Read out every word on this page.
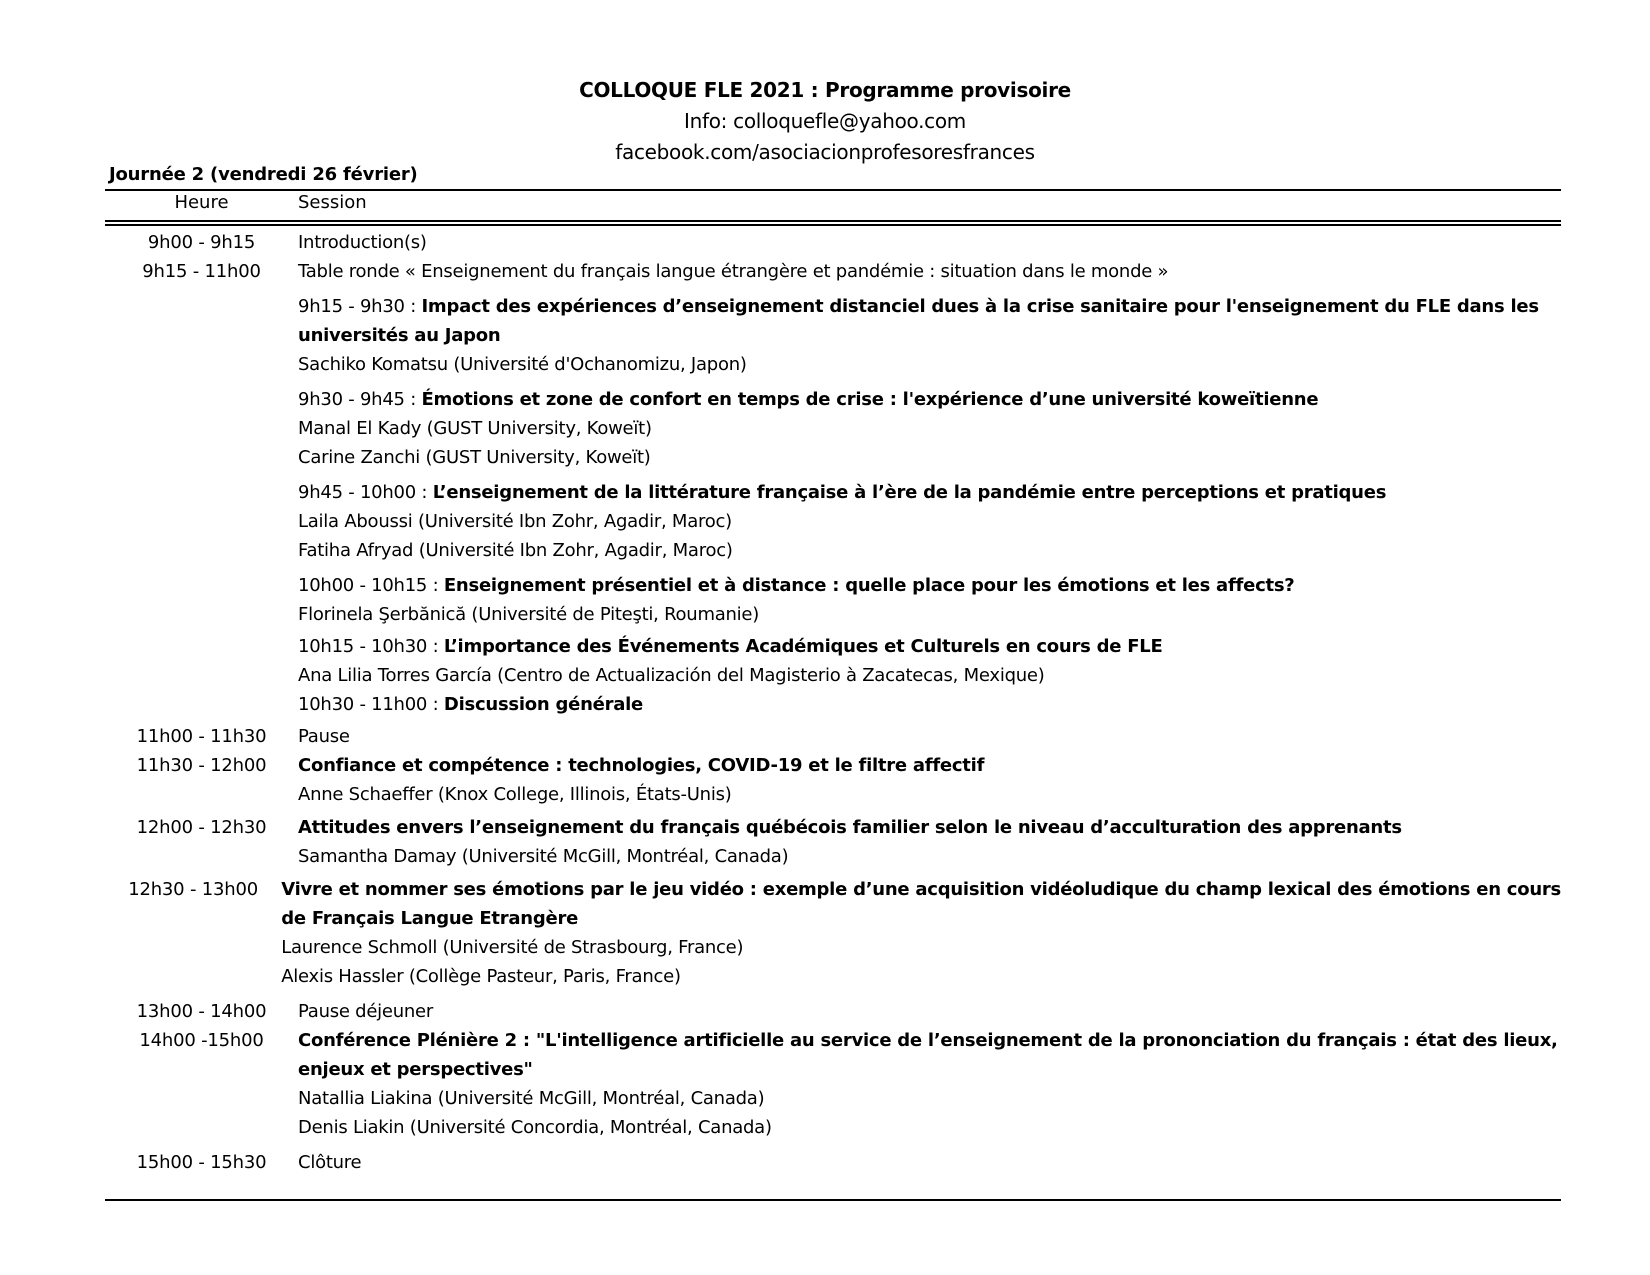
COLLOQUE FLE 2021 : Programme provisoire
Info: colloquefle@yahoo.com
facebook.com/asociacionprofesoresfrances
Journée 2 (vendredi 26 février)
Heure	Session
9h00 - 9h15	Introduction(s)
9h15 - 11h00	Table ronde « Enseignement du français langue étrangère et pandémie : situation dans le monde »
9h15 - 9h30 : Impact des expériences d’enseignement distanciel dues à la crise sanitaire pour l'enseignement du FLE dans les
universités au Japon
Sachiko Komatsu (Université d'Ochanomizu, Japon)
9h30 - 9h45 : Émotions et zone de confort en temps de crise : l'expérience d’une université koweïtienne
Manal El Kady (GUST University, Koweït)
Carine Zanchi (GUST University, Koweït)
9h45 - 10h00 : L’enseignement de la littérature française à l’ère de la pandémie entre perceptions et pratiques
Laila Aboussi (Université Ibn Zohr, Agadir, Maroc)
Fatiha Afryad (Université Ibn Zohr, Agadir, Maroc)
10h00 - 10h15 : Enseignement présentiel et à distance : quelle place pour les émotions et les affects?
Florinela Şerbănică (Université de Piteşti, Roumanie)
10h15 - 10h30 : L’importance des Événements Académiques et Culturels en cours de FLE
Ana Lilia Torres García (Centro de Actualización del Magisterio à Zacatecas, Mexique)
10h30 - 11h00 : Discussion générale
11h00 - 11h30	Pause
11h30 - 12h00	Confiance et compétence : technologies, COVID-19 et le filtre affectif
Anne Schaeffer (Knox College, Illinois, États-Unis)
12h00 - 12h30	Attitudes envers l’enseignement du français québécois familier selon le niveau d’acculturation des apprenants
Samantha Damay (Université McGill, Montréal, Canada)
12h30 - 13h00	Vivre et nommer ses émotions par le jeu vidéo : exemple d’une acquisition vidéoludique du champ lexical des émotions en cours
de Français Langue Etrangère
Laurence Schmoll (Université de Strasbourg, France)
Alexis Hassler (Collège Pasteur, Paris, France)
13h00 - 14h00	Pause déjeuner
14h00 -15h00	Conférence Plénière 2 : "L'intelligence artificielle au service de l’enseignement de la prononciation du français : état des lieux,
enjeux et perspectives"
Natallia Liakina (Université McGill, Montréal, Canada)
Denis Liakin (Université Concordia, Montréal, Canada)
15h00 - 15h30	Clôture
